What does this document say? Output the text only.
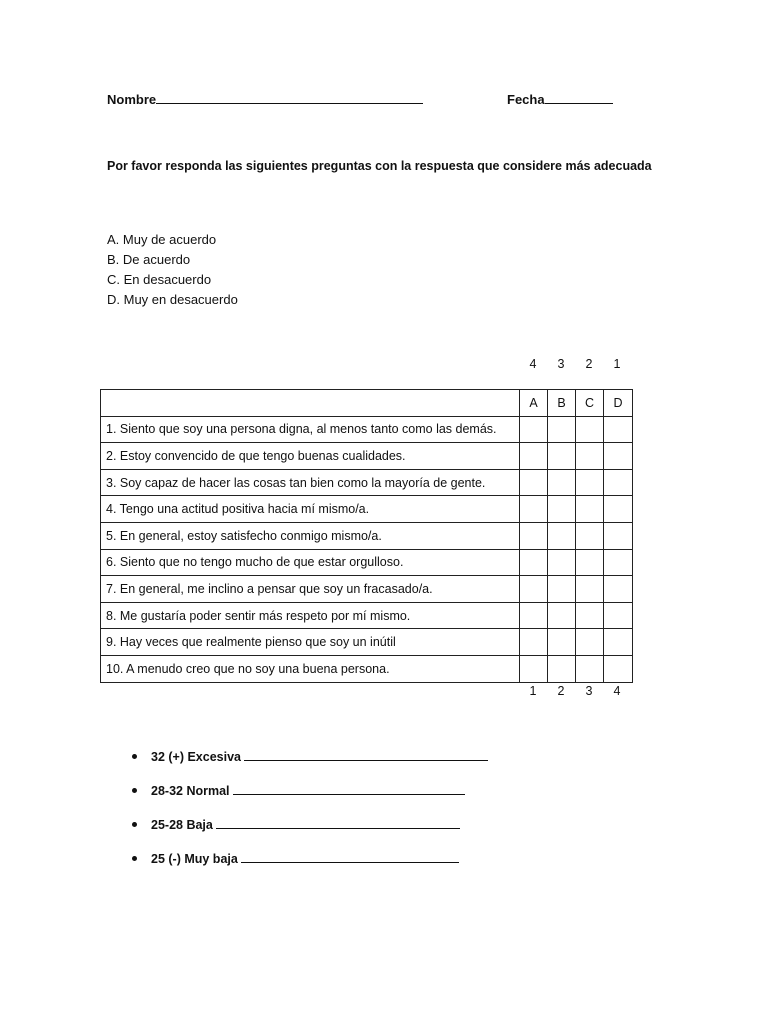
Nombre	Fecha
Por favor responda las siguientes preguntas con la respuesta que considere más adecuada
A. Muy de acuerdo
B. De acuerdo
C. En desacuerdo
D. Muy en desacuerdo
4	3	2	1
	A	B	C	D
1. Siento que soy una persona digna, al menos tanto como las demás.				
2. Estoy convencido de que tengo buenas cualidades.				
3. Soy capaz de hacer las cosas tan bien como la mayoría de gente.				
4. Tengo una actitud positiva hacia mí mismo/a.				
5. En general, estoy satisfecho conmigo mismo/a.				
6. Siento que no tengo mucho de que estar orgulloso.				
7. En general, me inclino a pensar que soy un fracasado/a.				
8. Me gustaría poder sentir más respeto por mí mismo.				
9. Hay veces que realmente pienso que soy un inútil				
10. A menudo creo que no soy una buena persona.				
1	2	3	4
32 (+) Excesiva
28-32 Normal
25-28 Baja
25 (-) Muy baja
